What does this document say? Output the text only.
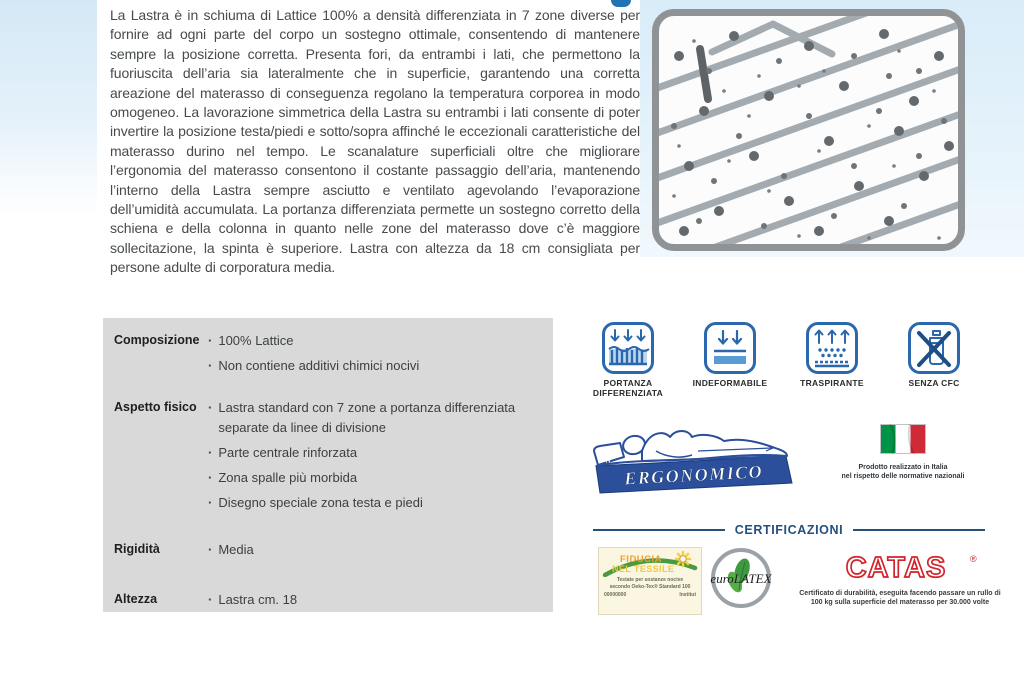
La Lastra è in schiuma di Lattice 100% a densità differenziata in 7 zone diverse per fornire ad ogni parte del corpo un sostegno ottimale, consentendo di mantenere sempre la posizione corretta. Presenta fori, da entrambi i lati, che permettono la fuoriuscita dell’aria sia lateralmente che in superficie, garantendo una corretta areazione del materasso di conseguenza regolano la temperatura corporea in modo omogeneo. La lavorazione simmetrica della Lastra su entrambi i lati consente di poter invertire la posizione testa/piedi e sotto/sopra affinché le eccezionali caratteristiche del materasso durino nel tempo. Le scanalature superficiali oltre che migliorare l’ergonomia del materasso consentono il costante passaggio dell’aria, mantenendo l’interno della Lastra sempre asciutto e ventilato agevolando l’evaporazione dell’umidità accumulata. La portanza differenziata permette un sostegno corretto della schiena e della colonna in quanto nelle zone del materasso dove c’è maggiore sollecitazione, la spinta è superiore. Lastra con altezza da 18 cm consigliata per persone adulte di corporatura media.
Composizione · 100% Lattice
· Non contiene additivi chimici nocivi
Aspetto fisico · Lastra standard con 7 zone a portanza differenziata separate da linee di divisione
· Parte centrale rinforzata
· Zona spalle più morbida
· Disegno speciale zona testa e piedi
Rigidità	· Media
Altezza	· Lastra cm. 18
PORTANZA DIFFERENZIATA
INDEFORMABILE	TRASPIRANTE	SENZA CFC
N°
ERGONOMICO	Prodotto realizzato in Italia
nel rispetto delle normative nazionali
CERTIFICAZIONI
FIDUCIA
NEL TESSILE
Testate per sostanze nocive
secondo Oeko-Tex® Standard 100
00000000	Institut
euroLATEX	CATAS	®
Certificato di durabilità, eseguita facendo passare un rullo di
100 kg sulla superficie del materasso per 30.000 volte
